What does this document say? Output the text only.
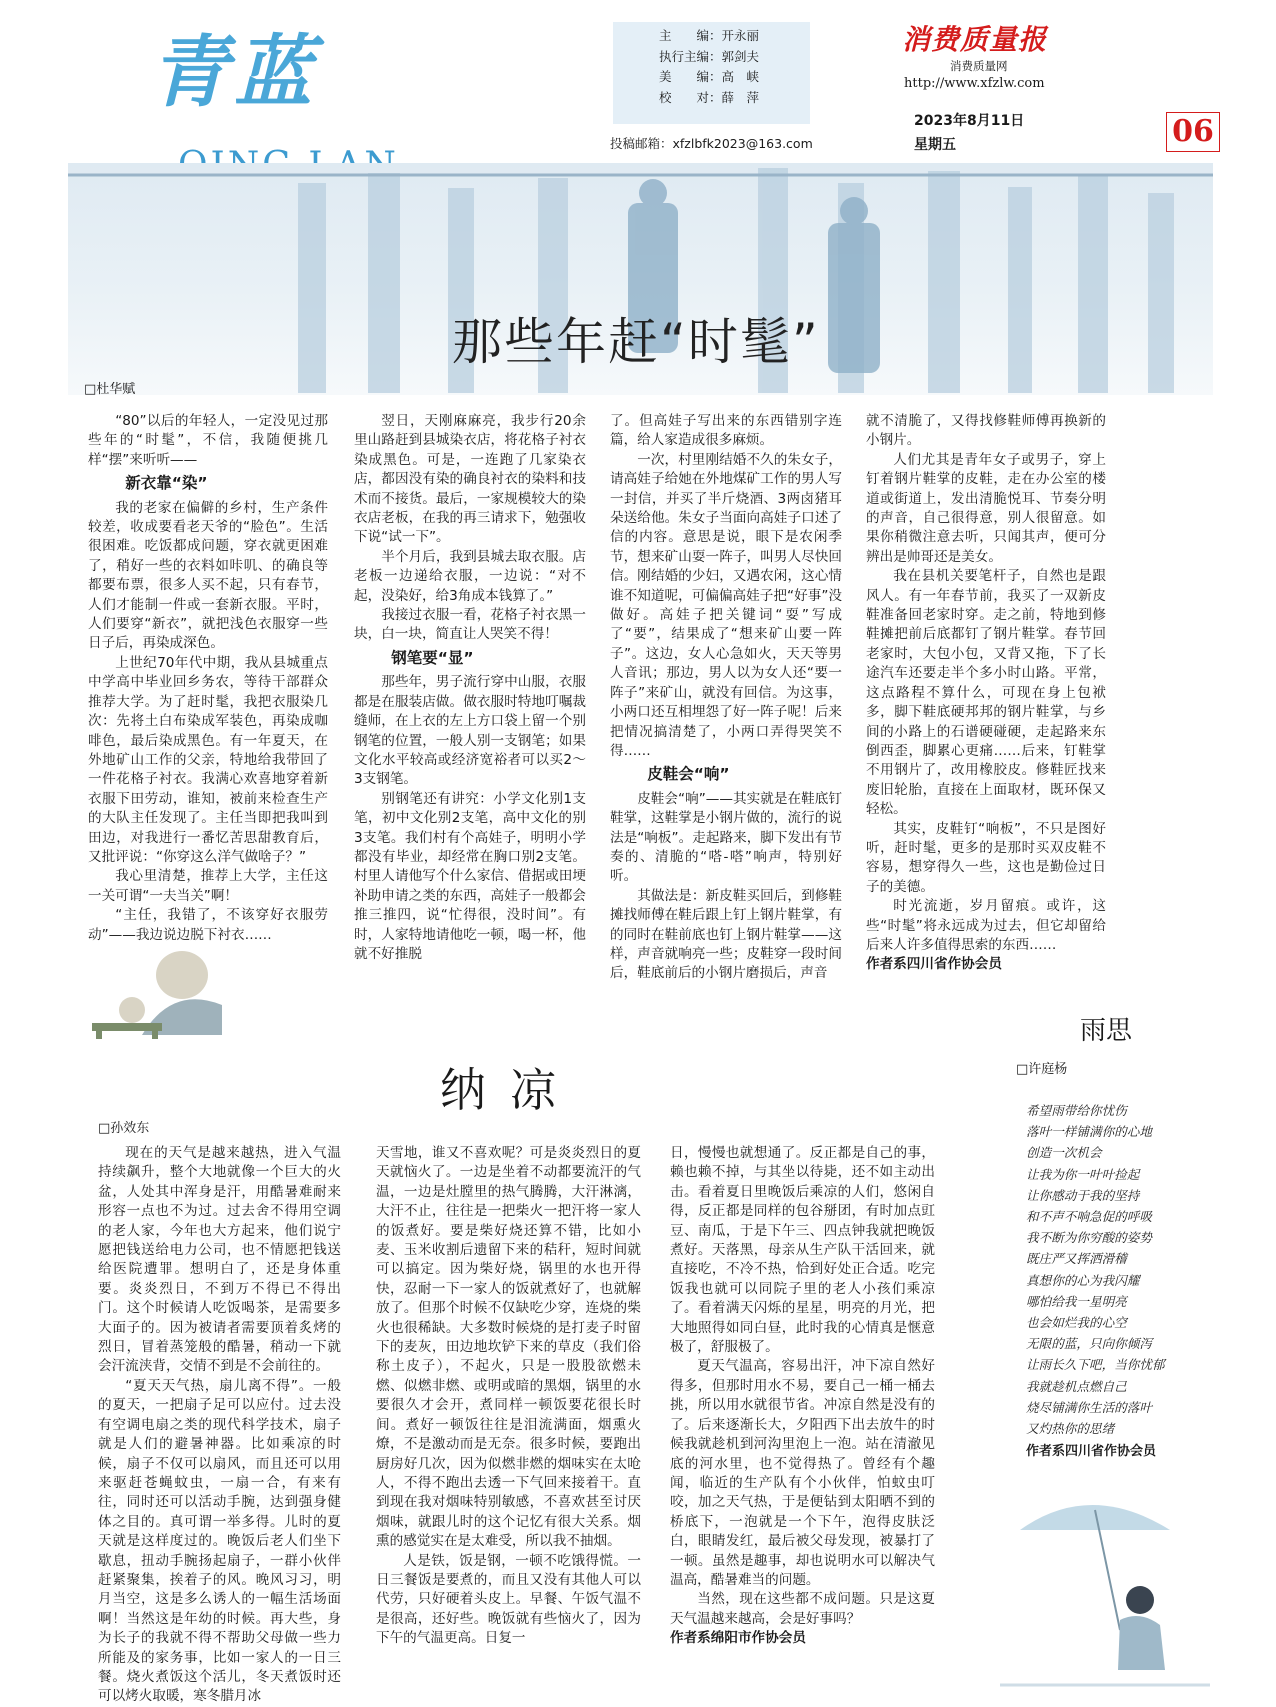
青蓝	主　　编：开永丽
执行主编：郭剑夫
美　　编：高　峡
校　　对：薛　萍
投稿邮箱：xfzlbfk2023@163.com
消费质量报
消费质量网
http://www.xfzlw.com
2023年8月11日
星期五	06
那些年赶“时髦”
□杜华赋

“80”以后的年轻人，一定没见过那些年的“时髦”，不信，我随便挑几样“摆”来听听——

新衣靠“染”

我的老家在偏僻的乡村，生产条件较差，收成要看老天爷的“脸色”。生活很困难。吃饭都成问题，穿衣就更困难了，稍好一些的衣料如咔叽、的确良等都要布票，很多人买不起，只有春节，人们才能制一件或一套新衣服。平时，人们要穿“新衣”，就把浅色衣服穿一些日子后，再染成深色。

上世纪70年代中期，我从县城重点中学高中毕业回乡务农，等待干部群众推荐大学。为了赶时髦，我把衣服染几次：先将土白布染成军装色，再染成咖啡色，最后染成黑色。有一年夏天，在外地矿山工作的父亲，特地给我带回了一件花格子衬衣。我满心欢喜地穿着新衣服下田劳动，谁知，被前来检查生产的大队主任发现了。主任当即把我叫到田边，对我进行一番忆苦思甜教育后，又批评说：“你穿这么洋气做啥子？”

我心里清楚，推荐上大学，主任这一关可谓“一夫当关”啊！

“主任，我错了，不该穿好衣服劳动”——我边说边脱下衬衣……

翌日，天刚麻麻亮，我步行20余里山路赶到县城染衣店，将花格子衬衣染成黑色。可是，一连跑了几家染衣店，都因没有染的确良衬衣的染料和技术而不接货。最后，一家规模较大的染衣店老板，在我的再三请求下，勉强收下说“试一下”。

半个月后，我到县城去取衣服。店老板一边递给衣服，一边说：“对不起，没染好，给3角成本钱算了。”

我接过衣服一看，花格子衬衣黑一块，白一块，简直让人哭笑不得！

钢笔要“显”

那些年，男子流行穿中山服，衣服都是在服装店做。做衣服时特地叮嘱裁缝师，在上衣的左上方口袋上留一个别钢笔的位置，一般人别一支钢笔；如果文化水平较高或经济宽裕者可以买2～3支钢笔。

别钢笔还有讲究：小学文化别1支笔，初中文化别2支笔，高中文化的别3支笔。我们村有个高娃子，明明小学都没有毕业，却经常在胸口别2支笔。村里人请他写个什么家信、借据或田埂补助申请之类的东西，高娃子一般都会推三推四，说“忙得很，没时间”。有时，人家特地请他吃一顿，喝一杯，他就不好推脱

了。但高娃子写出来的东西错别字连篇，给人家造成很多麻烦。

一次，村里刚结婚不久的朱女子，请高娃子给她在外地煤矿工作的男人写一封信，并买了半斤烧酒、3两卤猪耳朵送给他。朱女子当面向高娃子口述了信的内容。意思是说，眼下是农闲季节，想来矿山耍一阵子，叫男人尽快回信。刚结婚的少妇，又遇农闲，这心情谁不知道呢，可偏偏高娃子把“好事”没做好。高娃子把关键词“耍”写成了“要”，结果成了“想来矿山要一阵子”。这边，女人心急如火，天天等男人音讯；那边，男人以为女人还“要一阵子”来矿山，就没有回信。为这事，小两口还互相埋怨了好一阵子呢！后来把情况搞清楚了，小两口弄得哭笑不得……

皮鞋会“响”

皮鞋会“响”——其实就是在鞋底钉鞋掌，这鞋掌是小钢片做的，流行的说法是“响板”。走起路来，脚下发出有节奏的、清脆的“嗒-嗒”响声，特别好听。

其做法是：新皮鞋买回后，到修鞋摊找师傅在鞋后跟上钉上钢片鞋掌，有的同时在鞋前底也钉上钢片鞋掌——这样，声音就响亮一些；皮鞋穿一段时间后，鞋底前后的小钢片磨损后，声音

就不清脆了，又得找修鞋师傅再换新的小钢片。

人们尤其是青年女子或男子，穿上钉着钢片鞋掌的皮鞋，走在办公室的楼道或街道上，发出清脆悦耳、节奏分明的声音，自己很得意，别人很留意。如果你稍微注意去听，只闻其声，便可分辨出是帅哥还是美女。

我在县机关要笔杆子，自然也是跟风人。有一年春节前，我买了一双新皮鞋准备回老家时穿。走之前，特地到修鞋摊把前后底都钉了钢片鞋掌。春节回老家时，大包小包，又背又拖，下了长途汽车还要走半个多小时山路。平常，这点路程不算什么，可现在身上包袱多，脚下鞋底硬邦邦的钢片鞋掌，与乡间的小路上的石谱硬碰硬，走起路来东倒西歪，脚累心更痛……后来，钉鞋掌不用钢片了，改用橡胶皮。修鞋匠找来废旧轮胎，直接在上面取材，既环保又轻松。

其实，皮鞋钉“响板”，不只是图好听，赶时髦，更多的是那时买双皮鞋不容易，想穿得久一些，这也是勤俭过日子的美德。

时光流逝，岁月留痕。或许，这些“时髦”将永远成为过去，但它却留给后来人许多值得思索的东西……

作者系四川省作协会员

纳凉
□孙效东

现在的天气是越来越热，进入气温持续飙升，整个大地就像一个巨大的火盆，人处其中浑身是汗，用酷暑难耐来形容一点也不为过。过去舍不得用空调的老人家，今年也大方起来，他们说宁愿把钱送给电力公司，也不情愿把钱送给医院遭罪。想明白了，还是身体重要。炎炎烈日，不到万不得已不得出门。这个时候请人吃饭喝茶，是需要多大面子的。因为被请者需要顶着炙烤的烈日，冒着蒸笼般的酷暑，稍动一下就会汗流浃背，交情不到是不会前往的。

“夏天天气热，扇儿离不得”。一般的夏天，一把扇子足可以应付。过去没有空调电扇之类的现代科学技术，扇子就是人们的避暑神器。比如乘凉的时候，扇子不仅可以扇风，而且还可以用来驱赶苍蝇蚊虫，一扇一合，有来有往，同时还可以活动手腕，达到强身健体之目的。真可谓一举多得。儿时的夏天就是这样度过的。晚饭后老人们坐下歇息，扭动手腕扬起扇子，一群小伙伴赶紧聚集，挨着子的风。晚风习习，明月当空，这是多么诱人的一幅生活场面啊！当然这是年幼的时候。再大些，身为长子的我就不得不帮助父母做一些力所能及的家务事，比如一家人的一日三餐。烧火煮饭这个活儿，冬天煮饭时还可以烤火取暖，寒冬腊月冰

天雪地，谁又不喜欢呢？可是炎炎烈日的夏天就恼火了。一边是坐着不动都要流汗的气温，一边是灶膛里的热气腾腾，大汗淋漓，大汗不止，往往是一把柴火一把汗将一家人的饭煮好。要是柴好烧还算不错，比如小麦、玉米收割后遗留下来的秸秆，短时间就可以搞定。因为柴好烧，锅里的水也开得快，忍耐一下一家人的饭就煮好了，也就解放了。但那个时候不仅缺吃少穿，连烧的柴火也很稀缺。大多数时候烧的是打麦子时留下的麦灰，田边地坎铲下来的草皮（我们俗称土皮子），不起火，只是一股股欲燃未燃、似燃非燃、或明或暗的黑烟，锅里的水要很久才会开，煮同样一顿饭要花很长时间。煮好一顿饭往往是泪流满面，烟熏火燎，不是激动而是无奈。很多时候，要跑出厨房好几次，因为似燃非燃的烟味实在太呛人，不得不跑出去透一下气回来接着干。直到现在我对烟味特别敏感，不喜欢甚至讨厌烟味，就跟儿时的这个记忆有很大关系。烟熏的感觉实在是太难受，所以我不抽烟。

人是铁，饭是钢，一顿不吃饿得慌。一日三餐饭是要煮的，而且又没有其他人可以代劳，只好硬着头皮上。早餐、午饭气温不是很高，还好些。晚饭就有些恼火了，因为下午的气温更高。日复一

日，慢慢也就想通了。反正都是自己的事，赖也赖不掉，与其坐以待毙，还不如主动出击。看着夏日里晚饭后乘凉的人们，悠闲自得，反正都是同样的包谷掰团，有时加点豇豆、南瓜，于是下午三、四点钟我就把晚饭煮好。天落黑，母亲从生产队干活回来，就直接吃，不冷不热，恰到好处正合适。吃完饭我也就可以同院子里的老人小孩们乘凉了。看着满天闪烁的星星，明亮的月光，把大地照得如同白昼，此时我的心情真是惬意极了，舒服极了。

夏天气温高，容易出汗，冲下凉自然好得多，但那时用水不易，要自己一桶一桶去挑，所以用水就很节省。冲凉自然是没有的了。后来逐渐长大，夕阳西下出去放牛的时候我就趁机到河沟里泡上一泡。站在清澈见底的河水里，也不觉得热了。曾经有个趣闻，临近的生产队有个小伙伴，怕蚊虫叮咬，加之天气热，于是便钻到太阳晒不到的桥底下，一泡就是一个下午，泡得皮肤泛白，眼睛发红，最后被父母发现，被暴打了一顿。虽然是趣事，却也说明水可以解决气温高，酷暑难当的问题。

当然，现在这些都不成问题。只是这夏天气温越来越高，会是好事吗？

作者系绵阳市作协会员

雨思
□许庭杨
希望雨带给你忧伤
落叶一样铺满你的心地
创造一次机会
让我为你一叶叶捡起
让你感动于我的坚持
和不声不响急促的呼吸
我不断为你穷酸的姿势
既庄严又挥洒滑稽
真想你的心为我闪耀
哪怕给我一星明亮
也会如烂我的心空
无限的蓝，只向你倾泻
让雨长久下吧，当你忧郁
我就趁机点燃自己
烧尽铺满你生活的落叶
又灼热你的思绪
作者系四川省作协会员
